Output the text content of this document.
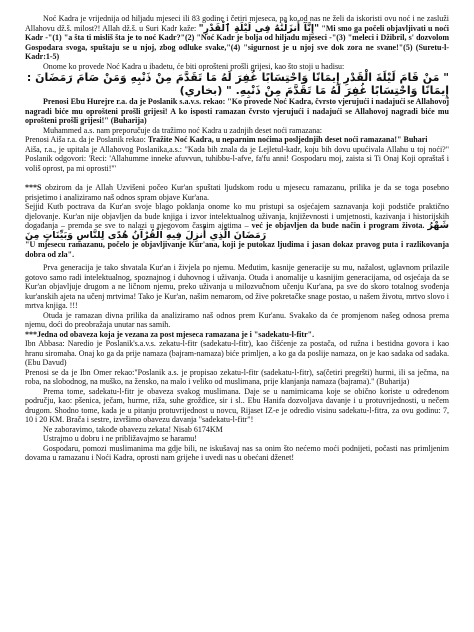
Noć Kadra je vrijednija od hiljadu mjeseci ili 83 godine i četiri mjeseca, pa ko od nas ne želi da iskoristi ovu noć i ne zasluži Allahovu dž.š. milost?! Allah dž.š. u Suri Kadr kaže: "إِنَّآ أَنزَلْنَٰهُ فِى لَيْلَةِ ٱلْقَدْرِ" "Mi smo ga počeli objavljivati u noći Kadr -"(1) "a šta ti misliš šta je to noć Kadr?"(2) "Noć Kadr je bolja od hiljadu mjeseci -"(3) "meleci i Džibril, s' dozvolom Gospodara svoga, spuštaju se u njoj, zbog odluke svake,"(4) "sigurnost je u njoj sve dok zora ne svane!"(5) (Suretu-l-Kadr:1-5)

Onome ko provede Noć Kadra u ibadetu, će biti oprošteni prošli grijesi, kao što stoji u hadisu:

" مَنْ قَامَ لَيْلَةَ الْقَدْرِ إِيمَانًا وَاحْتِسَابًا غُفِرَ لَهُ مَا تَقَدَّمَ مِنْ ذَنْبِهِ وَمَنْ صَامَ رَمَضَانَ :

إِيمَانًا وَاحْتِسَابًا غُفِرَ لَهُ مَا تَقَدَّمَ مِنْ ذَنْبِهِ. " (بخاري)

Prenosi Ebu Hurejre r.a. da je Poslanik s.a.v.s. rekao: "Ko provede Noć Kadra, čvrsto vjerujući i nadajući se Allahovoj nagradi biće mu oprošteni prošli grijesi! A ko isposti ramazan čvrsto vjerujući i nadajući se Allahovoj nagradi biće mu oprošteni prošli grijesi!" (Buharija)

Muhammed a.s. nam preporučuje da tražimo noć Kadra u zadnjih deset noći ramazana:

Prenosi Aiša r.a. da je Poslanik rekao: Tražite Noć Kadra, u neparnim noćima posljednjih deset noći ramazana!" Buhari

Aiša, r.a., je upitala je Allahovog Poslanika,a.s.: "Kada bih znala da je Lejletul-kadr, koju bih dovu upućivala Allahu u toj noći?" Poslanik odgovori: 'Reci: 'Allahumme inneke afuvvun, tuhibbu-l-afve, fa'fu anni! Gospodaru moj, zaista si Ti Onaj Koji opraštaš i voliš oprost, pa mi oprosti!'"

***S obzirom da je Allah Uzvišeni počeo Kur'an spuštati ljudskom rodu u mjesecu ramazanu, prilika je da se toga posebno prisjetimo i analiziramo naš odnos spram objave Kur'ana.

Sejjid Kutb poctrava da Kur'an svoje blago poklanja onome ko mu pristupi sa osjećajem saznavanja koji podstiče praktično djelovanje. Kur'an nije objavljen da bude knjiga i izvor intelektualnog uživanja, književnosti i umjetnosti, kazivanja i historijskih događanja – premda se sve to nalazi u njegovom časnim ajetima – već je objavljen da bude način i program života. شَهْرُ رَمَضَانَ الَّذِي أُنزِلَ فِيهِ الْقُرْآنُ هُدًى لِلنَّاسِ وَبَيِّنَاتٍ مِنَ

"U mjesecu ramazanu, počelo je objavljivanje Kur'ana, koji je putokaz ljudima i jasan dokaz pravog puta i razlikovanja dobra od zla".

Prva generacija je tako shvatala Kur'an i živjela po njemu. Međutim, kasnije generacije su mu, nažalost, uglavnom prilazile gotovo samo radi intelektualnog, spoznajnog i duhovnog i uživanja. Otuda i anomalije u kasnijim generacijama, od osjećaja da se Kur'an objavljuje drugom a ne ličnom njemu, preko uživanja u milozvučnom učenju Kur'ana, pa sve do skoro totalnog svođenja kur'anskih ajeta na učenj mrtvima! Tako je Kur'an, našim nemarom, od žive pokretačke snage postao, u našem životu, mrtvo slovo i mrtva knjiga. !!!

Otuda je ramazan divna prilika da analiziramo naš odnos prem Kur'anu. Svakako da će promjenom našeg odnosa prema njemu, doći do preobražaja unutar nas samih.

***Jedna od obaveza koja je vezana za post mjeseca ramazana je i "sadekatu-l-fitr".

Ibn Abbasa: Naredio je Poslanik's.a.v.s. zekatu-l-fitr (sadekatu-l-fitr), kao čišćenje za postača, od ružna i bestidna govora i kao hranu siromaha. Onaj ko ga da prije namaza (bajram-namaza) biće primljen, a ko ga da poslije namaza, on je kao sadaka od sadaka. (Ebu Davud)

Prenosi se da je Ibn Omer rekao:"Poslanik a.s. je propisao zekatu-l-fitr (sadekatu-l-fitr), sa(četiri pregršti) hurmi, ili sa ječma, na roba, na slobodnog, na muško, na žensko, na malo i veliko od muslimana, prije klanjanja namaza (bajrama)." (Buharija)

Prema tome, sadekatu-l-fitr je obaveza svakog muslimana. Daje se u namirnicama koje se obično koriste u određenom području, kao: pšenica, ječam, hurme, riža, suhe grožđice, sir i sl.. Ebu Hanifa dozvoljava davanje i u protuvrijednosti, u nečem drugom. Shodno tome, kada je u pitanju protuvrijednost u novcu, Rijaset IZ-e je odredio visinu sadekatu-l-fitra, za ovu godinu: 7, 10 i 20 KM. Brača i sestre, izvršimo obavezu davanja "sadekatu-l-fitr"!

Ne zaboravimo, takođe obavezu zekata! Nisab 6174KM

Ustrajmo u dobru i ne približavajmo se haramu!

Gospodaru, pomozi muslimanima ma gdje bili, ne iskušavaj nas sa onim što nećemo moći podnijeti, počasti nas primljenim dovama u ramazanu i Noći Kadra, oprosti nam grijehe i uvedi nas u obećani dženet!
